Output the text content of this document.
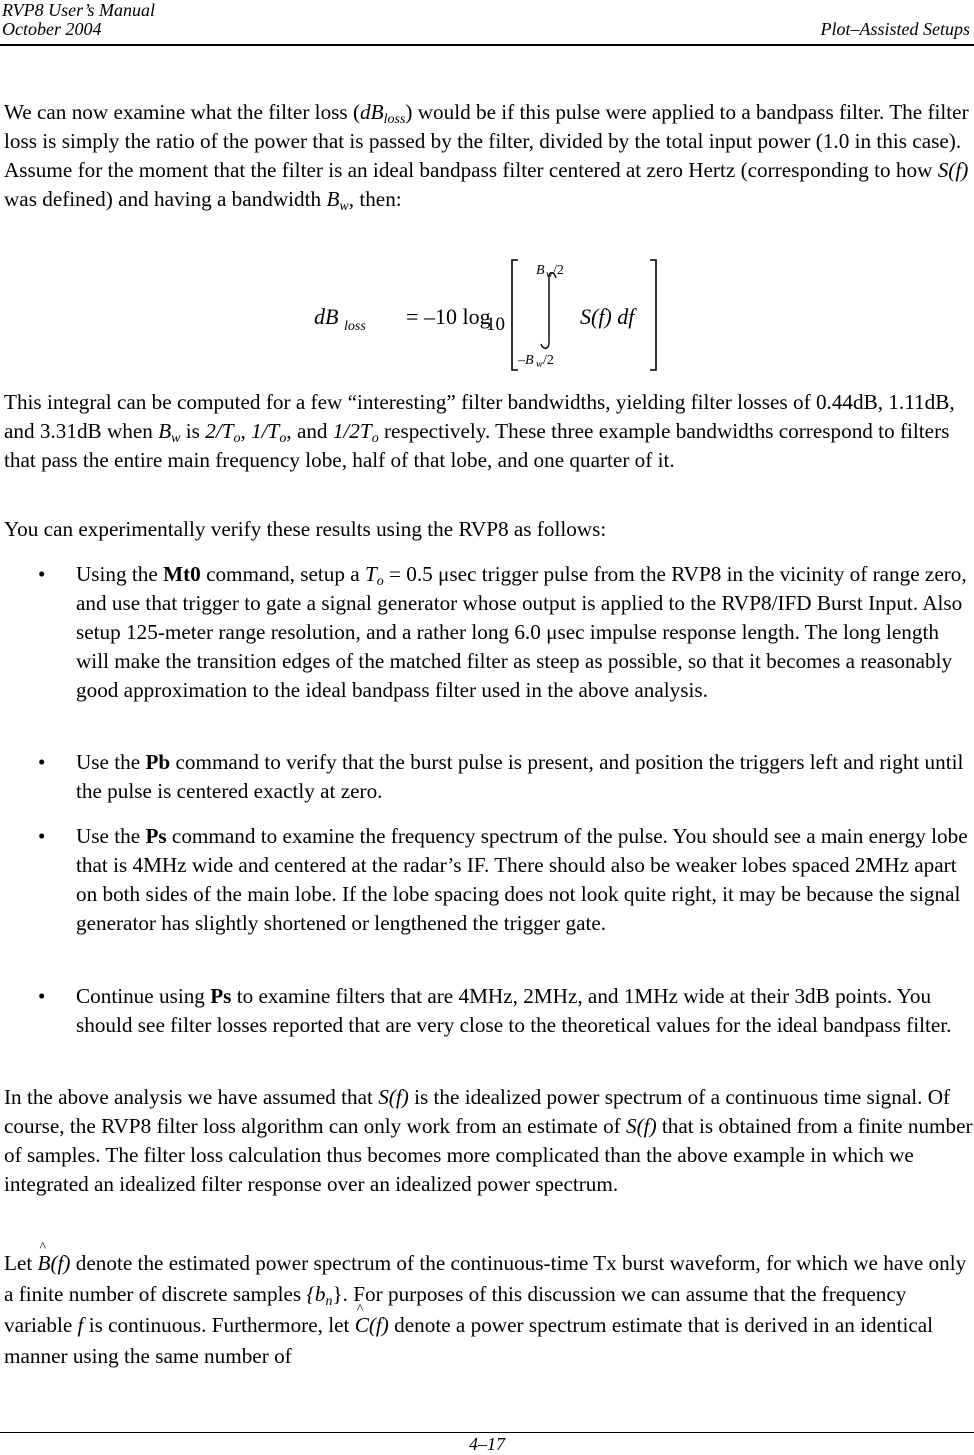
RVP8 User’s Manual
October 2004	Plot–Assisted Setups

We can now examine what the filter loss $(dB_{loss})$ would be if this pulse were applied to a bandpass filter. The filter loss is simply the ratio of the power that is passed by the filter, divided by the total input power (1.0 in this case). Assume for the moment that the filter is an ideal bandpass filter centered at zero Hertz (corresponding to how S(f) was defined) and having a bandwidth $B_w$, then:

dB loss = –10 log
10
B w /2
–B w /2
S(f) df

This integral can be computed for a few “interesting” filter bandwidths, yielding filter losses of 0.44dB, 1.11dB, and 3.31dB when $B_w$ is $2/T_o$, $1/T_o$, and $1/2T_o$ respectively. These three example bandwidths correspond to filters that pass the entire main frequency lobe, half of that lobe, and one quarter of it.

You can experimentally verify these results using the RVP8 as follows:

• Using the Mt0 command, setup a $T_o = 0.5$ μsec trigger pulse from the RVP8 in the vicinity of range zero, and use that trigger to gate a signal generator whose output is applied to the RVP8/IFD Burst Input. Also setup 125-meter range resolution, and a rather long 6.0 μsec impulse response length. The long length will make the transition edges of the matched filter as steep as possible, so that it becomes a reasonably good approximation to the ideal bandpass filter used in the above analysis.

• Use the Pb command to verify that the burst pulse is present, and position the triggers left and right until the pulse is centered exactly at zero.

• Use the Ps command to examine the frequency spectrum of the pulse. You should see a main energy lobe that is 4MHz wide and centered at the radar’s IF. There should also be weaker lobes spaced 2MHz apart on both sides of the main lobe. If the lobe spacing does not look quite right, it may be because the signal generator has slightly shortened or lengthened the trigger gate.

• Continue using Ps to examine filters that are 4MHz, 2MHz, and 1MHz wide at their 3dB points. You should see filter losses reported that are very close to the theoretical values for the ideal bandpass filter.

In the above analysis we have assumed that S(f) is the idealized power spectrum of a continuous time signal. Of course, the RVP8 filter loss algorithm can only work from an estimate of S(f) that is obtained from a finite number of samples. The filter loss calculation thus becomes more complicated than the above example in which we integrated an idealized filter response over an idealized power spectrum.

Let ^ B(f) denote the estimated power spectrum of the continuous-time Tx burst waveform, for which we have only a finite number of discrete samples $\{b_n\}$. For purposes of this discussion we can assume that the frequency variable f is continuous. Furthermore, let ^ C(f) denote a power spectrum estimate that is derived in an identical manner using the same number of

4–17
